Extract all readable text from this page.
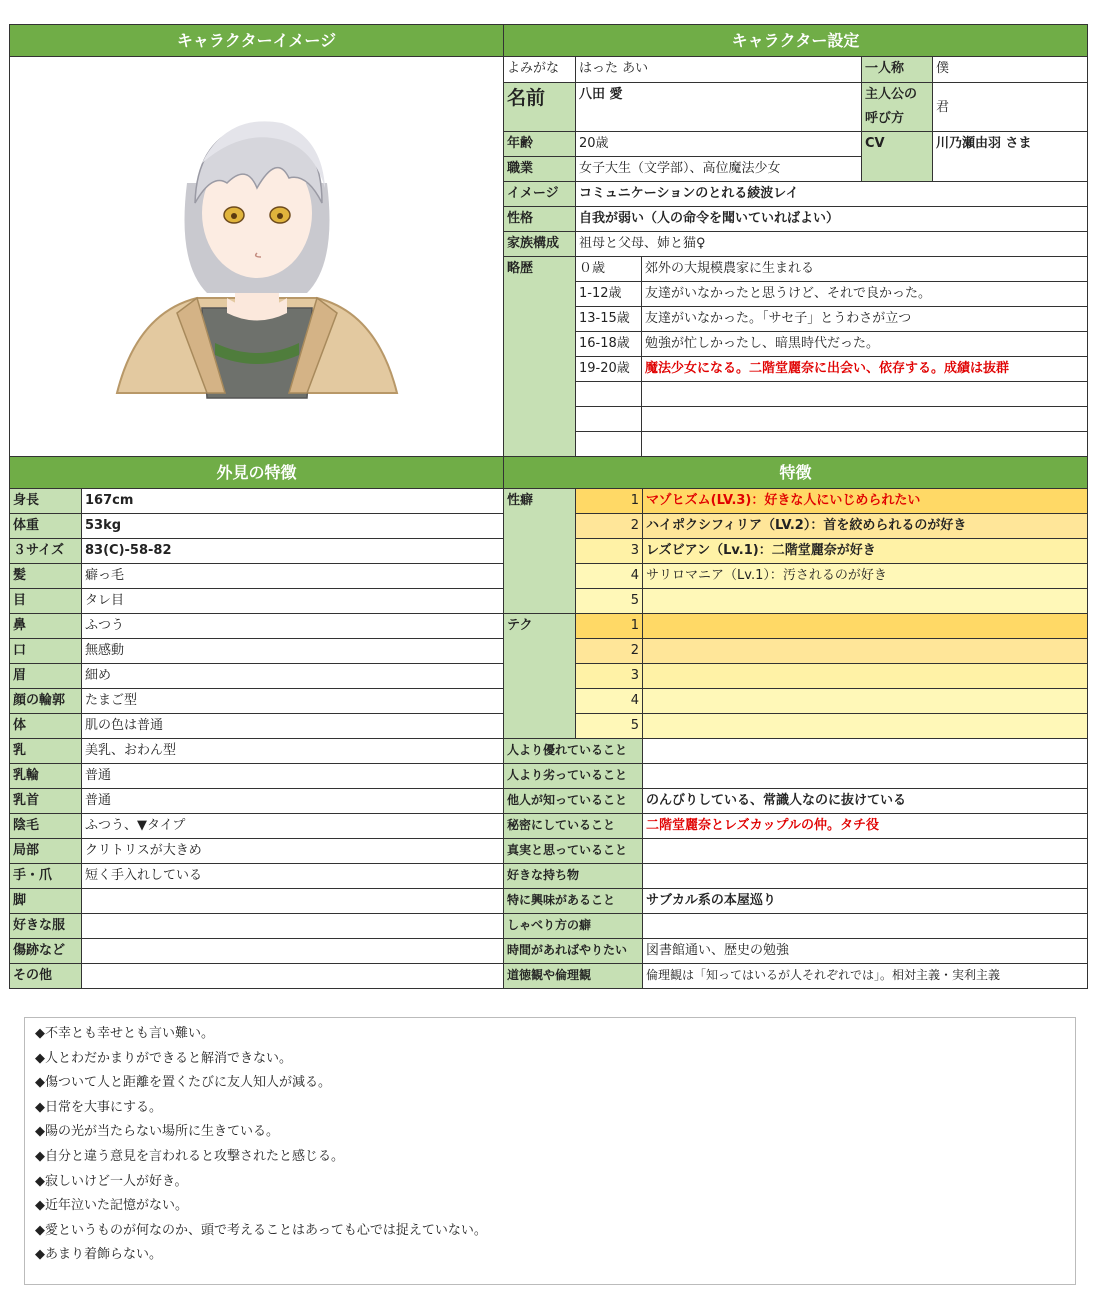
キャラクターイメージ	キャラクター設定				
	よみがな	はった あい		一人称	僕
	名前	八田 愛		主人公の呼び方	君
	年齢	20歳		CV	川乃瀬由羽 さま
	職業	女子大生（文学部）、高位魔法少女			
	イメージ	コミュニケーションのとれる綾波レイ			
	性格	自我が弱い（人の命令を聞いていればよい）			
	家族構成	祖母と父母、姉と猫♀			
	略歴	０歳	郊外の大規模農家に生まれる		
		1-12歳	友達がいなかったと思うけど、それで良かった。		
		13-15歳	友達がいなかった。「サセ子」とうわさが立つ		
		16-18歳	勉強が忙しかったし、暗黒時代だった。		
		19-20歳	魔法少女になる。二階堂麗奈に出会い、依存する。成績は抜群		

外見の特徴		特徴		
身長	167cm	性癖	1	マゾヒズム(LV.3)：好きな人にいじめられたい
体重	53kg		2	ハイポクシフィリア（LV.2）：首を絞められるのが好き
３サイズ	83(C)-58-82		3	レズビアン（Lv.1)：二階堂麗奈が好き
髪	癖っ毛		4	サリロマニア（Lv.1）：汚されるのが好き
目	タレ目		5	
鼻	ふつう	テク	1	
口	無感動		2	
眉	細め		3	
顔の輪郭	たまご型		4	
体	肌の色は普通		5	
乳	美乳、おわん型	人より優れていること		
乳輪	普通	人より劣っていること		
乳首	普通	他人が知っていること		のんびりしている、常識人なのに抜けている
陰毛	ふつう、▼タイプ	秘密にしていること		二階堂麗奈とレズカップルの仲。タチ役
局部	クリトリスが大きめ	真実と思っていること		
手・爪	短く手入れしている	好きな持ち物		
脚		特に興味があること		サブカル系の本屋巡り
好きな服		しゃべり方の癖		
傷跡など		時間があればやりたい		図書館通い、歴史の勉強
その他		道徳観や倫理観		倫理観は「知ってはいるが人それぞれでは」。相対主義・実利主義
◆不幸とも幸せとも言い難い。
◆人とわだかまりができると解消できない。
◆傷ついて人と距離を置くたびに友人知人が減る。
◆日常を大事にする。
◆陽の光が当たらない場所に生きている。
◆自分と違う意見を言われると攻撃されたと感じる。
◆寂しいけど一人が好き。
◆近年泣いた記憶がない。
◆愛というものが何なのか、頭で考えることはあっても心では捉えていない。
◆あまり着飾らない。
